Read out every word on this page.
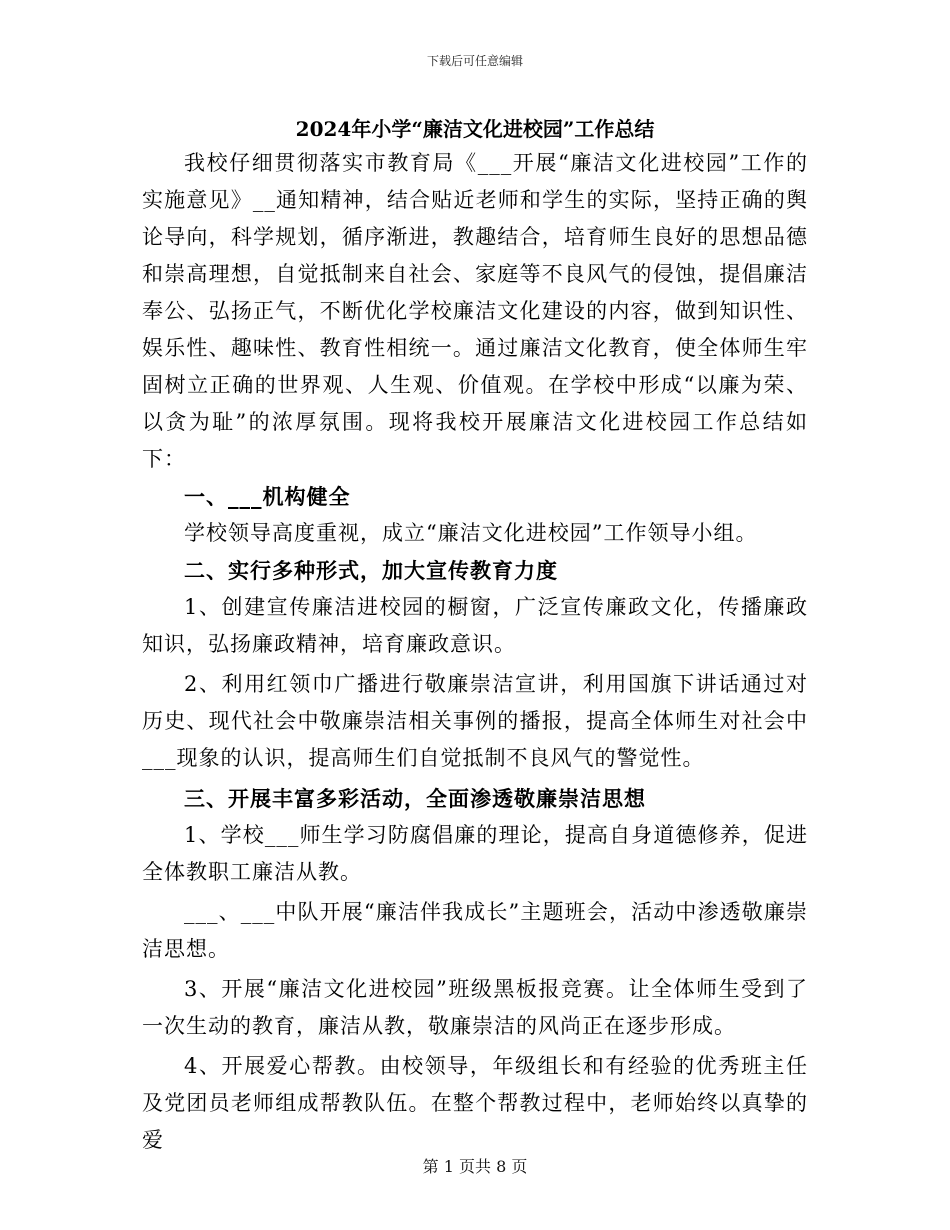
下载后可任意编辑
2024年小学“廉洁文化进校园”工作总结

我校仔细贯彻落实市教育局《___开展“廉洁文化进校园”工作的实施意见》__通知精神，结合贴近老师和学生的实际，坚持正确的舆论导向，科学规划，循序渐进，教趣结合，培育师生良好的思想品德和崇高理想，自觉抵制来自社会、家庭等不良风气的侵蚀，提倡廉洁奉公、弘扬正气，不断优化学校廉洁文化建设的内容，做到知识性、娱乐性、趣味性、教育性相统一。通过廉洁文化教育，使全体师生牢固树立正确的世界观、人生观、价值观。在学校中形成“以廉为荣、以贪为耻”的浓厚氛围。现将我校开展廉洁文化进校园工作总结如下：

一、___机构健全

学校领导高度重视，成立“廉洁文化进校园”工作领导小组。

二、实行多种形式，加大宣传教育力度

1、创建宣传廉洁进校园的橱窗，广泛宣传廉政文化，传播廉政知识，弘扬廉政精神，培育廉政意识。

2、利用红领巾广播进行敬廉崇洁宣讲，利用国旗下讲话通过对历史、现代社会中敬廉崇洁相关事例的播报，提高全体师生对社会中___现象的认识，提高师生们自觉抵制不良风气的警觉性。

三、开展丰富多彩活动，全面渗透敬廉崇洁思想

1、学校___师生学习防腐倡廉的理论，提高自身道德修养，促进全体教职工廉洁从教。

___、___中队开展“廉洁伴我成长”主题班会，活动中渗透敬廉崇洁思想。

3、开展“廉洁文化进校园”班级黑板报竞赛。让全体师生受到了一次生动的教育，廉洁从教，敬廉崇洁的风尚正在逐步形成。

4、开展爱心帮教。由校领导，年级组长和有经验的优秀班主任及党团员老师组成帮教队伍。在整个帮教过程中，老师始终以真挚的爱

第 1 页共 8 页
